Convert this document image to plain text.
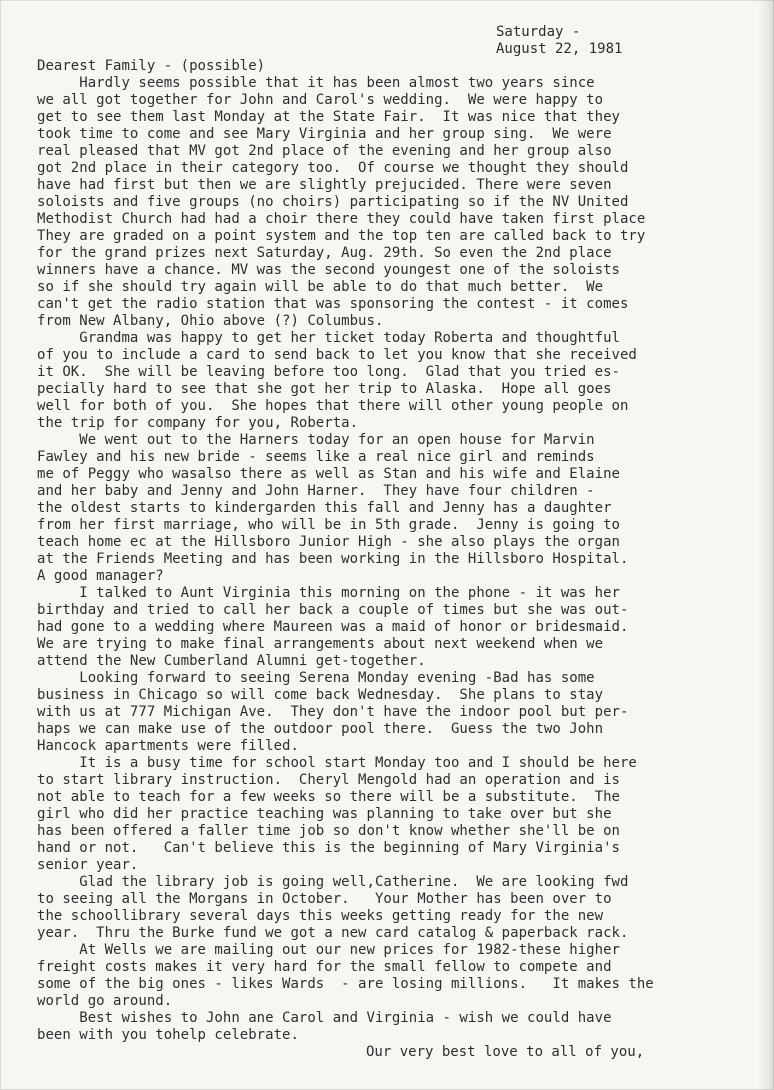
Saturday -
August 22, 1981
Dearest Family - (possible)
Hardly seems possible that it has been almost two years since
we all got together for John and Carol's wedding.  We were happy to
get to see them last Monday at the State Fair.  It was nice that they
took time to come and see Mary Virginia and her group sing.  We were
real pleased that MV got 2nd place of the evening and her group also
got 2nd place in their category too.  Of course we thought they should
have had first but then we are slightly prejucided. There were seven
soloists and five groups (no choirs) participating so if the NV United
Methodist Church had had a choir there they could have taken first place
They are graded on a point system and the top ten are called back to try
for the grand prizes next Saturday, Aug. 29th. So even the 2nd place
winners have a chance. MV was the second youngest one of the soloists
so if she should try again will be able to do that much better.  We
can't get the radio station that was sponsoring the contest - it comes
from New Albany, Ohio above (?) Columbus.
Grandma was happy to get her ticket today Roberta and thoughtful
of you to include a card to send back to let you know that she received
it OK.  She will be leaving before too long.  Glad that you tried es-
pecially hard to see that she got her trip to Alaska.  Hope all goes
well for both of you.  She hopes that there will other young people on
the trip for company for you, Roberta.
We went out to the Harners today for an open house for Marvin
Fawley and his new bride - seems like a real nice girl and reminds
me of Peggy who wasalso there as well as Stan and his wife and Elaine
and her baby and Jenny and John Harner.  They have four children -
the oldest starts to kindergarden this fall and Jenny has a daughter
from her first marriage, who will be in 5th grade.  Jenny is going to
teach home ec at the Hillsboro Junior High - she also plays the organ
at the Friends Meeting and has been working in the Hillsboro Hospital.
A good manager?
I talked to Aunt Virginia this morning on the phone - it was her
birthday and tried to call her back a couple of times but she was out-
had gone to a wedding where Maureen was a maid of honor or bridesmaid.
We are trying to make final arrangements about next weekend when we
attend the New Cumberland Alumni get-together.
Looking forward to seeing Serena Monday evening -Bad has some
business in Chicago so will come back Wednesday.  She plans to stay
with us at 777 Michigan Ave.  They don't have the indoor pool but per-
haps we can make use of the outdoor pool there.  Guess the two John
Hancock apartments were filled.
It is a busy time for school start Monday too and I should be here
to start library instruction.  Cheryl Mengold had an operation and is
not able to teach for a few weeks so there will be a substitute.  The
girl who did her practice teaching was planning to take over but she
has been offered a faller time job so don't know whether she'll be on
hand or not.   Can't believe this is the beginning of Mary Virginia's
senior year.
Glad the library job is going well,Catherine.  We are looking fwd
to seeing all the Morgans in October.   Your Mother has been over to
the schoollibrary several days this weeks getting ready for the new
year.  Thru the Burke fund we got a new card catalog & paperback rack.
At Wells we are mailing out our new prices for 1982-these higher
freight costs makes it very hard for the small fellow to compete and
some of the big ones - likes Wards  - are losing millions.   It makes the
world go around.
Best wishes to John ane Carol and Virginia - wish we could have
been with you tohelp celebrate.
Our very best love to all of you,
